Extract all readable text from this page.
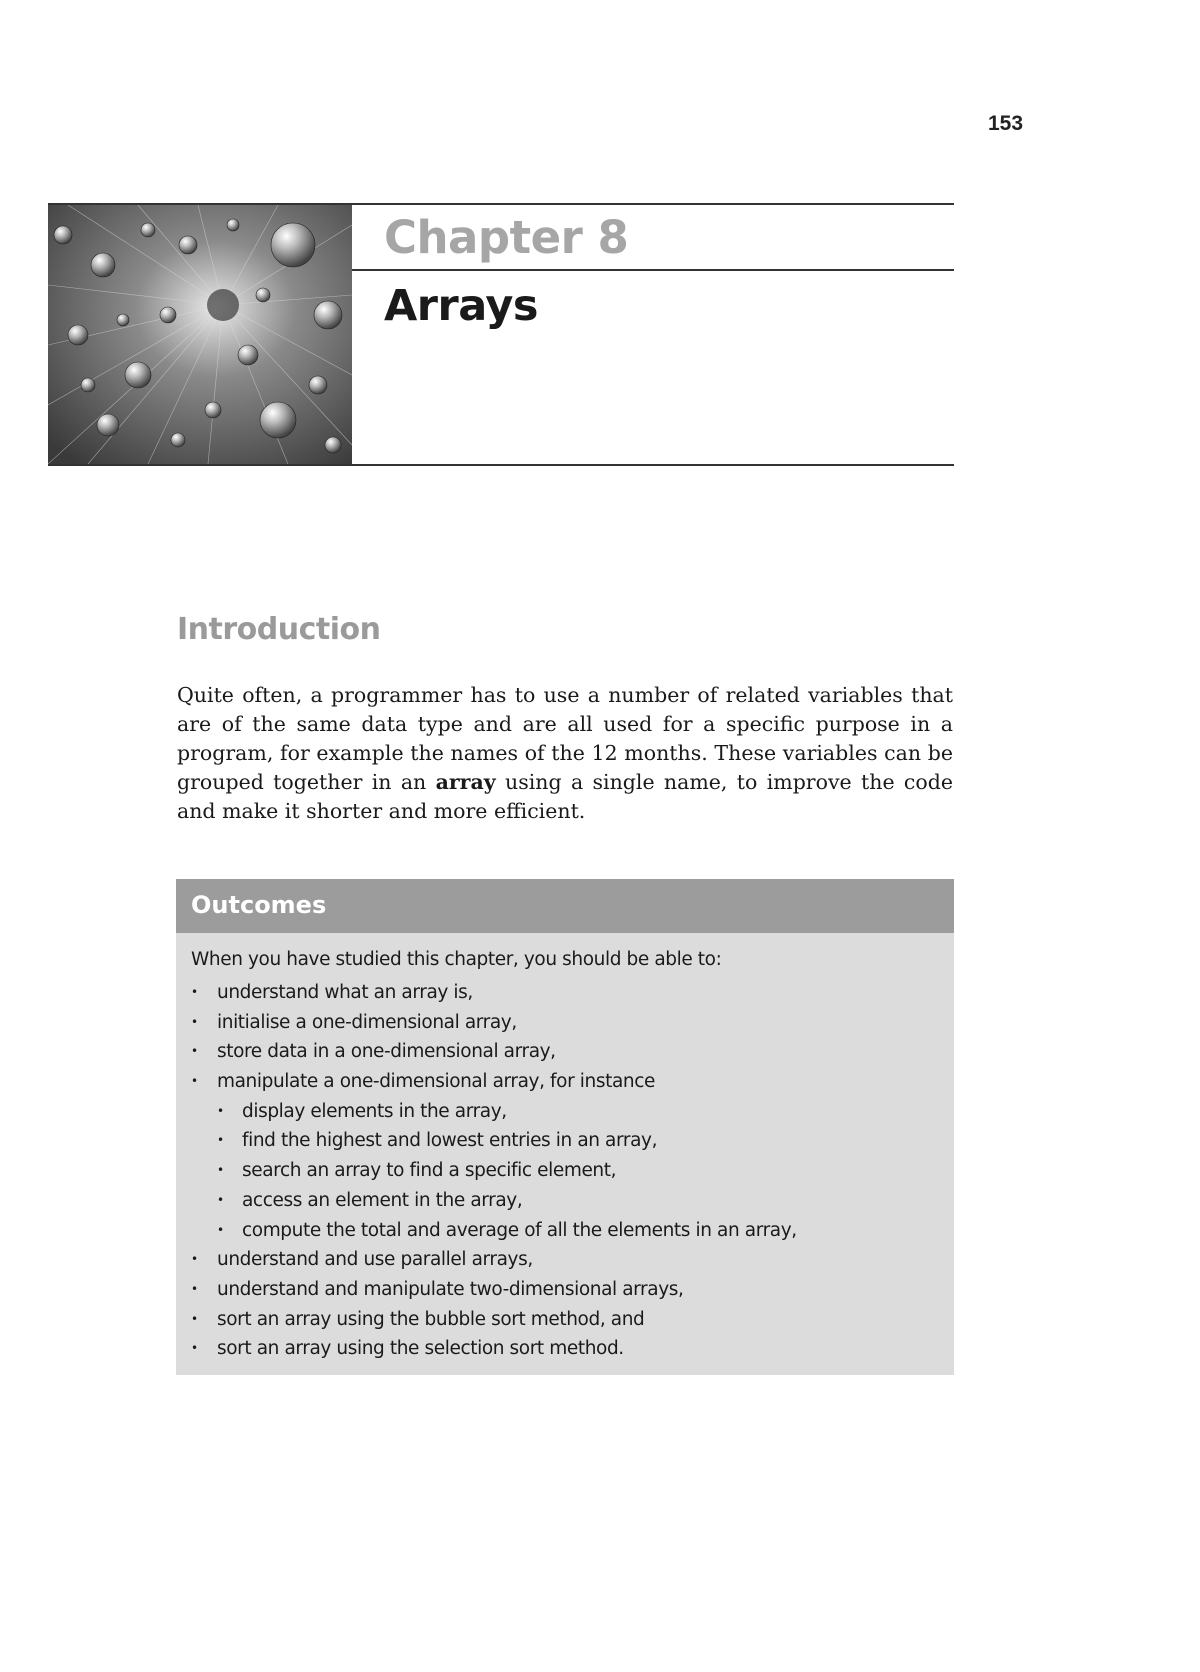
153
Chapter 8
Arrays
Introduction

Quite often, a programmer has to use a number of related variables that are of the same data type and are all used for a specific purpose in a program, for example the names of the 12 months. These variables can be grouped together in an array using a single name, to improve the code and make it shorter and more efficient.

Outcomes
When you have studied this chapter, you should be able to:
• understand what an array is,
• initialise a one-dimensional array,
• store data in a one-dimensional array,
• manipulate a one-dimensional array, for instance
• display elements in the array,
• find the highest and lowest entries in an array,
• search an array to find a specific element,
• access an element in the array,
• compute the total and average of all the elements in an array,
• understand and use parallel arrays,
• understand and manipulate two-dimensional arrays,
• sort an array using the bubble sort method, and
• sort an array using the selection sort method.
